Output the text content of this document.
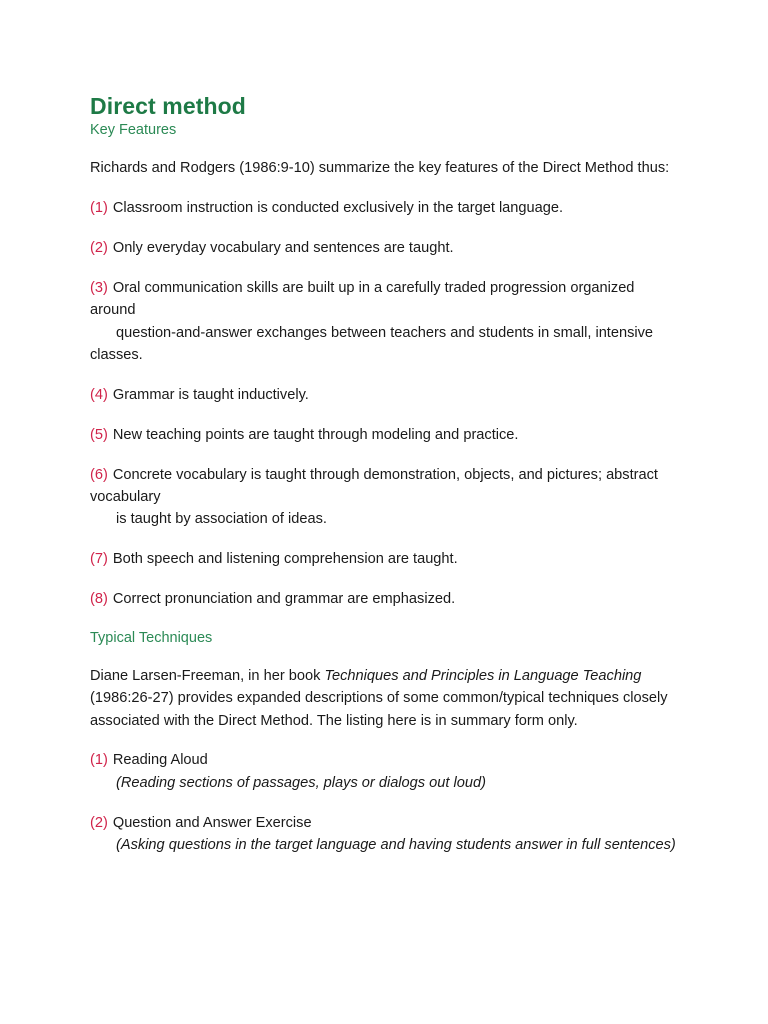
Direct method
Key Features

Richards and Rodgers (1986:9-10) summarize the key features of the Direct Method thus:

(1) Classroom instruction is conducted exclusively in the target language.
(2) Only everyday vocabulary and sentences are taught.
(3) Oral communication skills are built up in a carefully traded progression organized around
question-and-answer exchanges between teachers and students in small, intensive classes.
(4) Grammar is taught inductively.
(5) New teaching points are taught through modeling and practice.
(6) Concrete vocabulary is taught through demonstration, objects, and pictures; abstract vocabulary
is taught by association of ideas.
(7) Both speech and listening comprehension are taught.
(8) Correct pronunciation and grammar are emphasized.
Typical Techniques

Diane Larsen-Freeman, in her book Techniques and Principles in Language Teaching (1986:26-27) provides expanded descriptions of some common/typical techniques closely associated with the Direct Method. The listing here is in summary form only.

(1) Reading Aloud
(Reading sections of passages, plays or dialogs out loud)
(2) Question and Answer Exercise
(Asking questions in the target language and having students answer in full sentences)
